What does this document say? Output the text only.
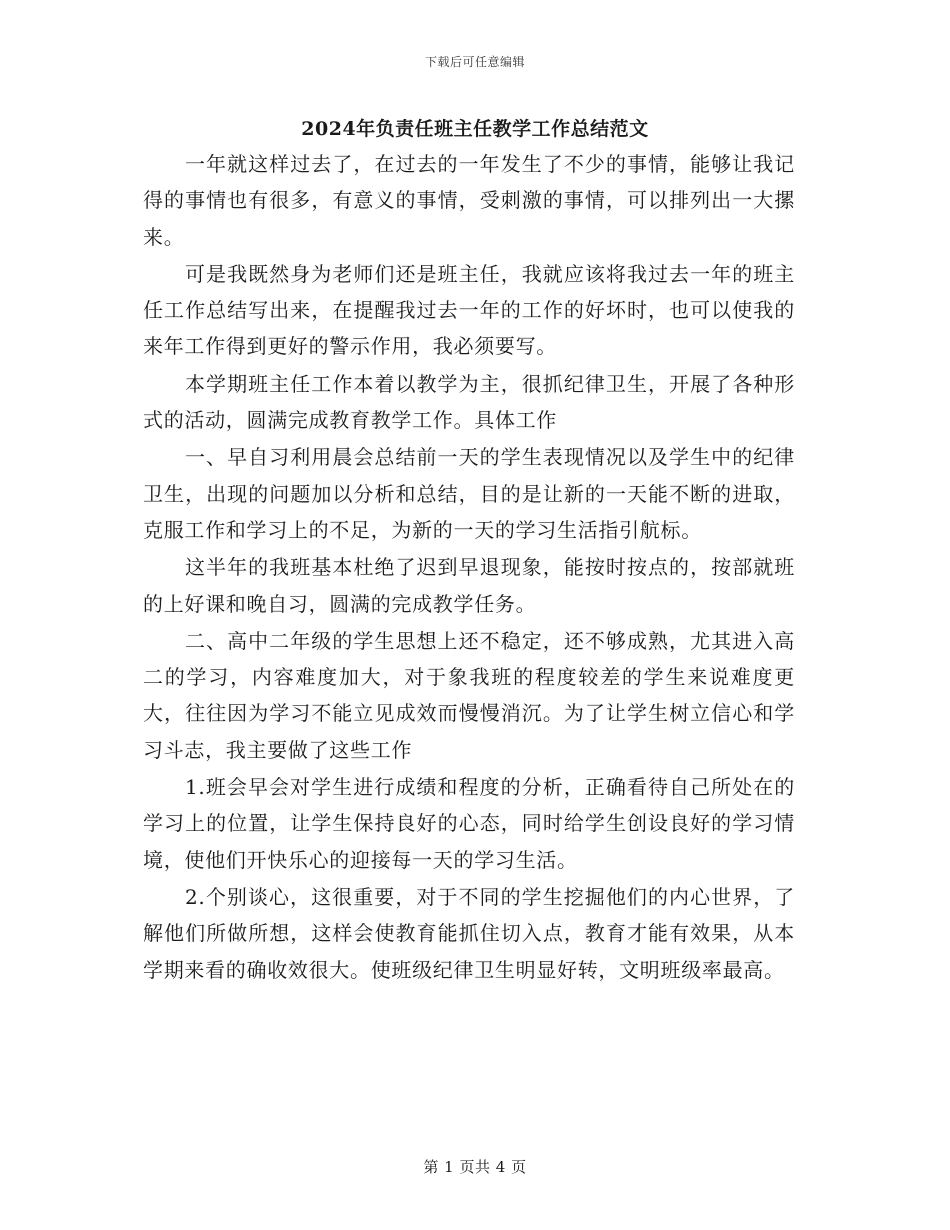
下载后可任意编辑
2024年负责任班主任教学工作总结范文

一年就这样过去了，在过去的一年发生了不少的事情，能够让我记得的事情也有很多，有意义的事情，受刺激的事情，可以排列出一大摞来。

可是我既然身为老师们还是班主任，我就应该将我过去一年的班主任工作总结写出来，在提醒我过去一年的工作的好坏时，也可以使我的来年工作得到更好的警示作用，我必须要写。

本学期班主任工作本着以教学为主，很抓纪律卫生，开展了各种形式的活动，圆满完成教育教学工作。具体工作

一、早自习利用晨会总结前一天的学生表现情况以及学生中的纪律卫生，出现的问题加以分析和总结，目的是让新的一天能不断的进取，克服工作和学习上的不足，为新的一天的学习生活指引航标。

这半年的我班基本杜绝了迟到早退现象，能按时按点的，按部就班的上好课和晚自习，圆满的完成教学任务。

二、高中二年级的学生思想上还不稳定，还不够成熟，尤其进入高二的学习，内容难度加大，对于象我班的程度较差的学生来说难度更大，往往因为学习不能立见成效而慢慢消沉。为了让学生树立信心和学习斗志，我主要做了这些工作

1.班会早会对学生进行成绩和程度的分析，正确看待自己所处在的学习上的位置，让学生保持良好的心态，同时给学生创设良好的学习情境，使他们开快乐心的迎接每一天的学习生活。

2.个别谈心，这很重要，对于不同的学生挖掘他们的内心世界，了解他们所做所想，这样会使教育能抓住切入点，教育才能有效果，从本学期来看的确收效很大。使班级纪律卫生明显好转，文明班级率最高。

第 1 页共 4 页
